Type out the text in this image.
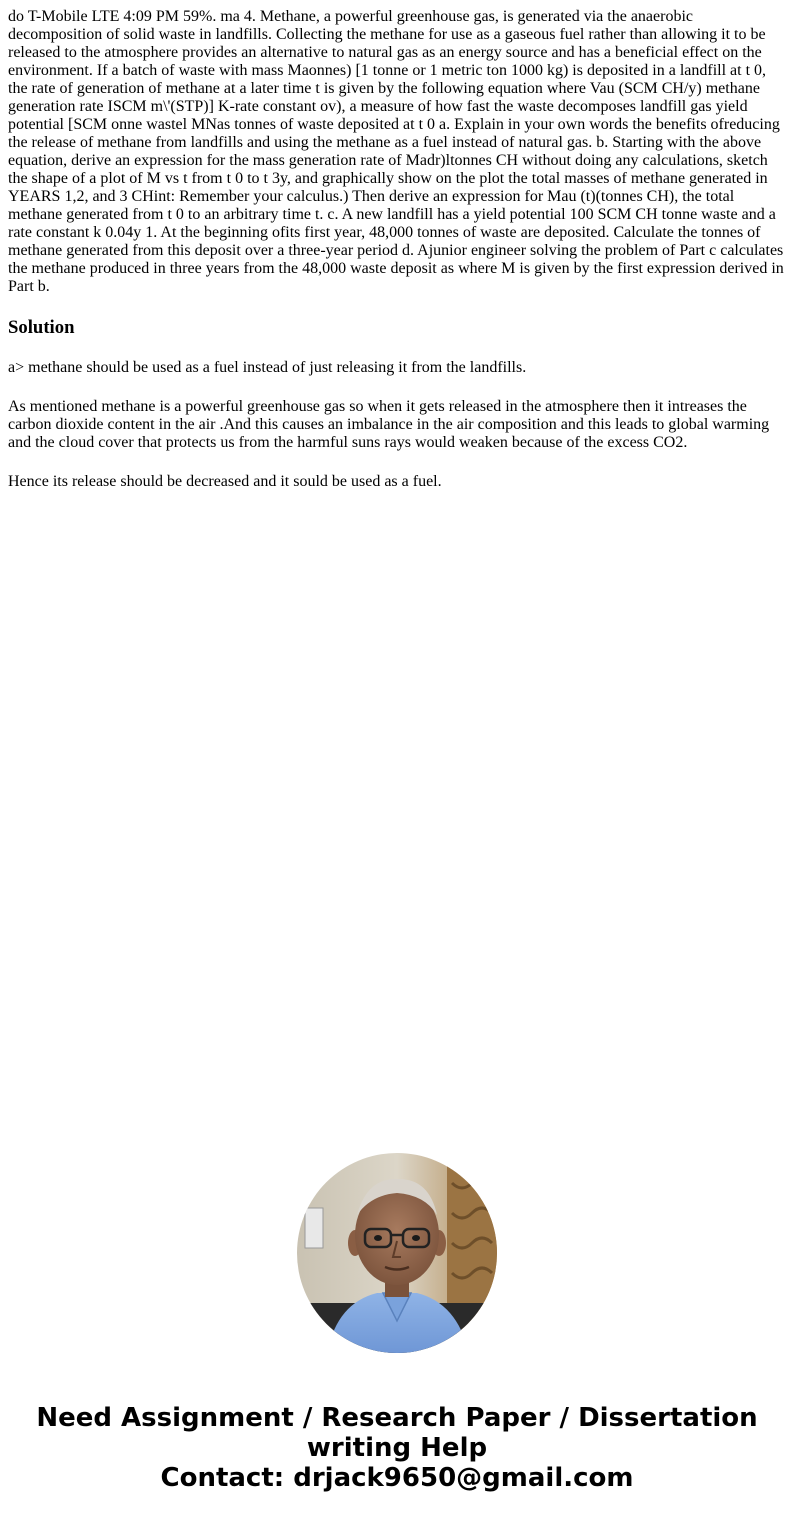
do T-Mobile LTE 4:09 PM 59%. ma 4. Methane, a powerful greenhouse gas, is generated via the anaerobic decomposition of solid waste in landfills. Collecting the methane for use as a gaseous fuel rather than allowing it to be released to the atmosphere provides an alternative to natural gas as an energy source and has a beneficial effect on the environment. If a batch of waste with mass Maonnes) [1 tonne or 1 metric ton 1000 kg) is deposited in a landfill at t 0, the rate of generation of methane at a later time t is given by the following equation where Vau (SCM CH/y) methane generation rate ISCM m\'(STP)] K-rate constant ov), a measure of how fast the waste decomposes landfill gas yield potential [SCM onne wastel MNas tonnes of waste deposited at t 0 a. Explain in your own words the benefits ofreducing the release of methane from landfills and using the methane as a fuel instead of natural gas. b. Starting with the above equation, derive an expression for the mass generation rate of Madr)ltonnes CH without doing any calculations, sketch the shape of a plot of M vs t from t 0 to t 3y, and graphically show on the plot the total masses of methane generated in YEARS 1,2, and 3 CHint: Remember your calculus.) Then derive an expression for Mau (t)(tonnes CH), the total methane generated from t 0 to an arbitrary time t. c. A new landfill has a yield potential 100 SCM CH tonne waste and a rate constant k 0.04y 1. At the beginning ofits first year, 48,000 tonnes of waste are deposited. Calculate the tonnes of methane generated from this deposit over a three-year period d. Ajunior engineer solving the problem of Part c calculates the methane produced in three years from the 48,000 waste deposit as where M is given by the first expression derived in Part b.

Solution

a> methane should be used as a fuel instead of just releasing it from the landfills.

As mentioned methane is a powerful greenhouse gas so when it gets released in the atmosphere then it intreases the carbon dioxide content in the air .And this causes an imbalance in the air composition and this leads to global warming and the cloud cover that protects us from the harmful suns rays would weaken because of the excess CO2.

Hence its release should be decreased and it sould be used as a fuel.

Need Assignment / Research Paper / Dissertation
writing Help
Contact: drjack9650@gmail.com
